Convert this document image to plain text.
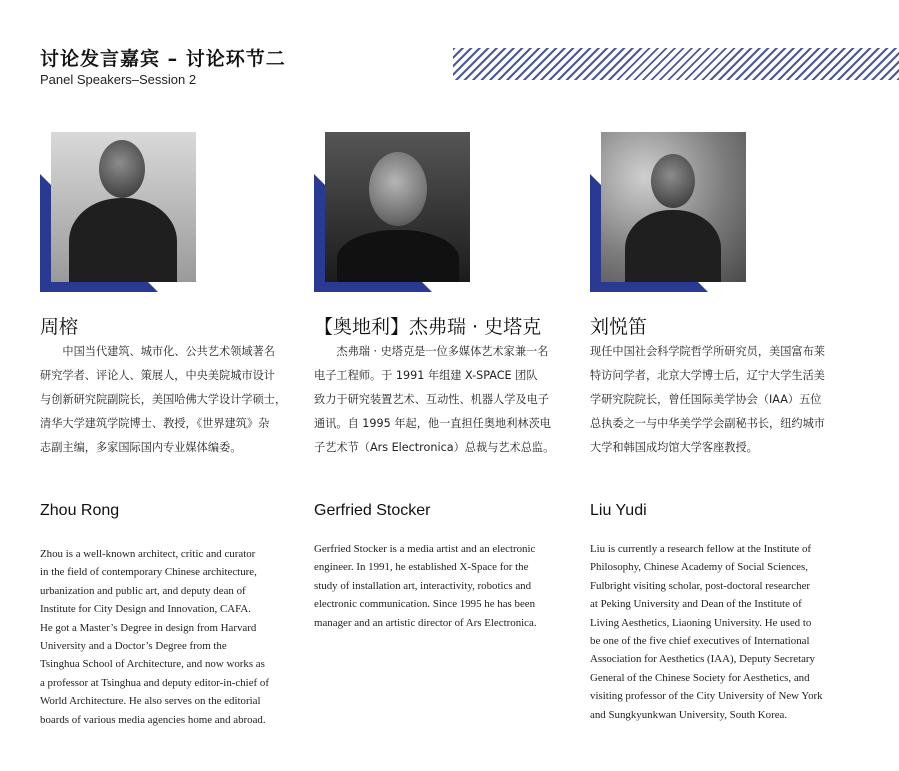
讨论发言嘉宾 – 讨论环节二
Panel Speakers–Session 2
周榕
　　中国当代建筑、城市化、公共艺术领域著名
研究学者、评论人、策展人，中央美院城市设计
与创新研究院副院长，美国哈佛大学设计学硕士，
清华大学建筑学院博士、教授，《世界建筑》杂
志副主编，多家国际国内专业媒体编委。
Zhou Rong
Zhou is a well-known architect, critic and curator
in the field of contemporary Chinese architecture,
urbanization and public art, and deputy dean of
Institute for City Design and Innovation, CAFA.
He got a Master’s Degree in design from Harvard
University and a Doctor’s Degree from the
Tsinghua School of Architecture, and now works as
a professor at Tsinghua and deputy editor-in-chief of
World Architecture. He also serves on the editorial
boards of various media agencies home and abroad.
【奥地利】杰弗瑞 · 史塔克
　　杰弗瑞 · 史塔克是一位多媒体艺术家兼一名
电子工程师。于 1991 年组建 X-SPACE 团队
致力于研究装置艺术、互动性、机器人学及电子
通讯。自 1995 年起，他一直担任奥地利林茨电
子艺术节（Ars Electronica）总裁与艺术总监。
Gerfried Stocker
Gerfried Stocker is a media artist and an electronic
engineer. In 1991, he established X-Space for the
study of installation art, interactivity, robotics and
electronic communication. Since 1995 he has been
manager and an artistic director of Ars Electronica.
刘悦笛
现任中国社会科学院哲学所研究员，美国富布莱
特访问学者，北京大学博士后，辽宁大学生活美
学研究院院长，曾任国际美学协会（IAA）五位
总执委之一与中华美学学会副秘书长，纽约城市
大学和韩国成均馆大学客座教授。
Liu Yudi
Liu is currently a research fellow at the Institute of
Philosophy, Chinese Academy of Social Sciences,
Fulbright visiting scholar, post-doctoral researcher
at Peking University and Dean of the Institute of
Living Aesthetics, Liaoning University. He used to
be one of the five chief executives of International
Association for Aesthetics (IAA), Deputy Secretary
General of the Chinese Society for Aesthetics, and
visiting professor of the City University of New York
and Sungkyunkwan University, South Korea.
